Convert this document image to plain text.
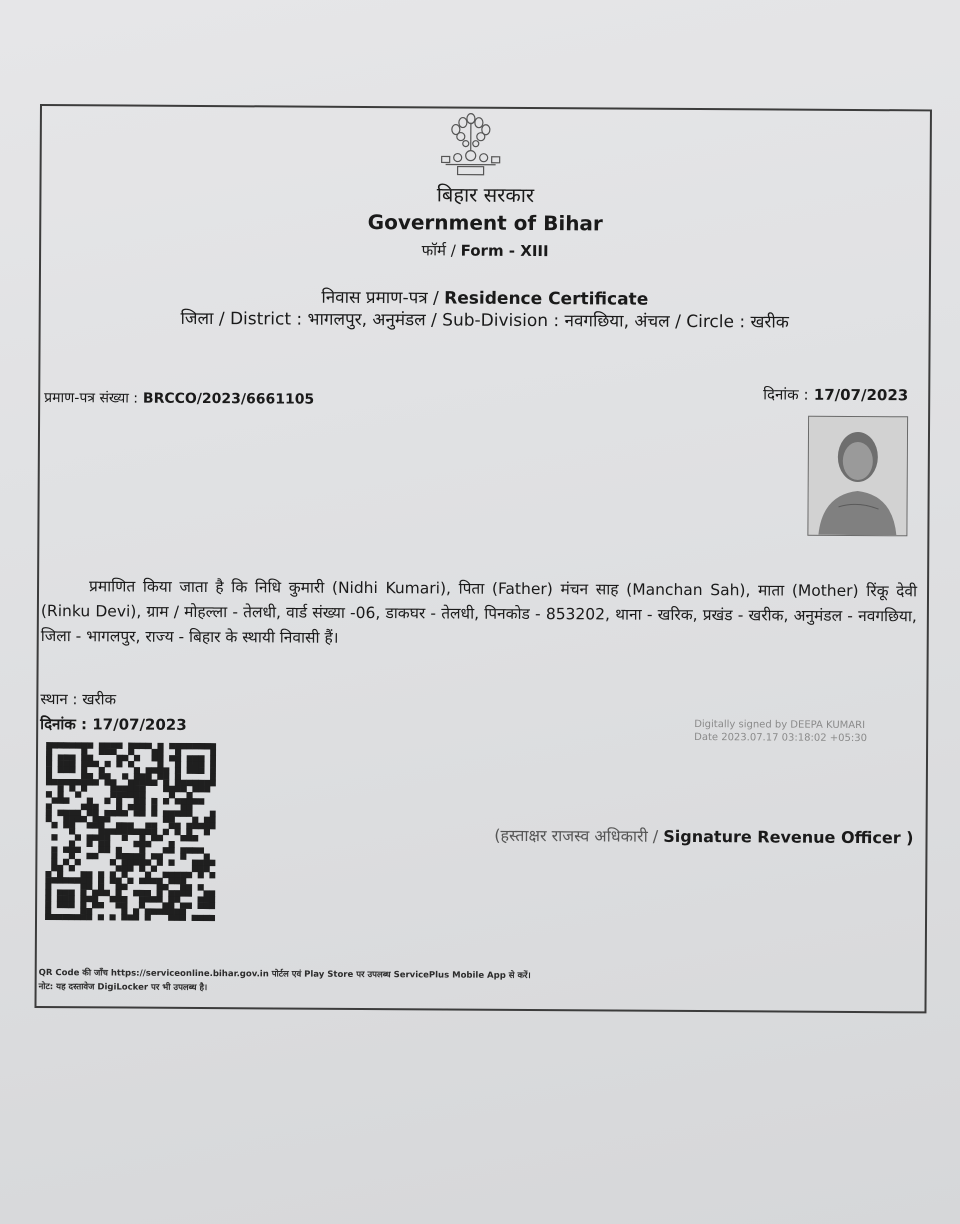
बिहार सरकार
Government of Bihar
फॉर्म / Form - XIII
निवास प्रमाण-पत्र / Residence Certificate
जिला / District : भागलपुर, अनुमंडल / Sub-Division : नवगछिया, अंचल / Circle : खरीक
प्रमाण-पत्र संख्या : BRCCO/2023/6661105	दिनांक : 17/07/2023
प्रमाणित किया जाता है कि निधि कुमारी (Nidhi Kumari), पिता (Father) मंचन साह (Manchan Sah), माता (Mother) रिंकू देवी (Rinku Devi), ग्राम / मोहल्ला - तेलधी, वार्ड संख्या -06, डाकघर - तेलधी, पिनकोड - 853202, थाना - खरिक, प्रखंड - खरीक, अनुमंडल - नवगछिया, जिला - भागलपुर, राज्य - बिहार के स्थायी निवासी हैं।
स्थान : खरीक
दिनांक : 17/07/2023	Digitally signed by DEEPA KUMARI
Date 2023.07.17 03:18:02 +05:30
(हस्ताक्षर राजस्व अधिकारी / Signature Revenue Officer )
QR Code की जाँच https://serviceonline.bihar.gov.in पोर्टल एवं Play Store पर उपलब्ध ServicePlus Mobile App से करें।
नोट: यह दस्तावेज DigiLocker पर भी उपलब्ध है।
